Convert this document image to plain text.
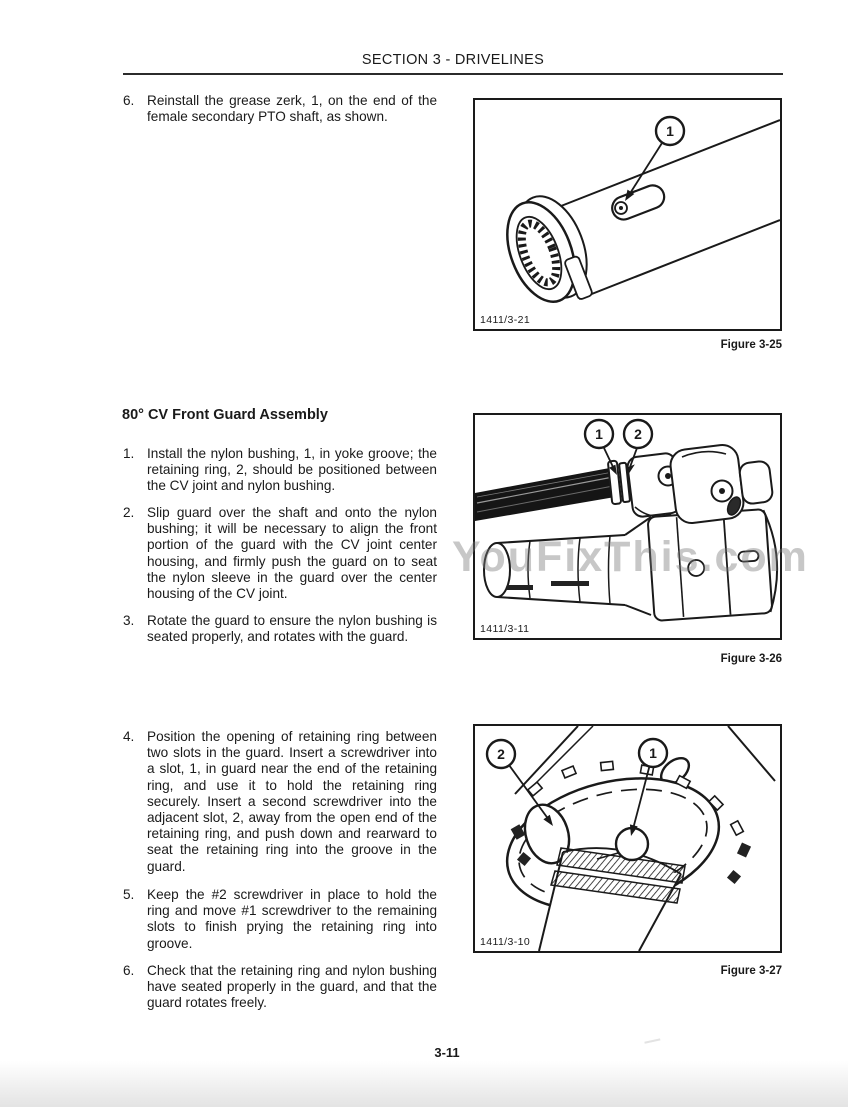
SECTION 3 - DRIVELINES
6. Reinstall the grease zerk, 1, on the end of the female secondary PTO shaft, as shown.
1
1411/3-21
Figure 3-25
80° CV Front Guard Assembly
1. Install the nylon bushing, 1, in yoke groove; the retaining ring, 2, should be positioned between the CV joint and nylon bushing.
2. Slip guard over the shaft and onto the nylon bushing; it will be necessary to align the front portion of the guard with the CV joint center housing, and firmly push the guard on to seat the nylon sleeve in the guard over the center housing of the CV joint.
3. Rotate the guard to ensure the nylon bushing is seated properly, and rotates with the guard.
4. Position the opening of retaining ring between two slots in the guard. Insert a screwdriver into a slot, 1, in guard near the end of the retaining ring, and use it to hold the retaining ring securely. Insert a second screwdriver into the adjacent slot, 2, away from the open end of the retaining ring, and push down and rearward to seat the retaining ring into the groove in the guard.
5. Keep the #2 screwdriver in place to hold the ring and move #1 screwdriver to the remaining slots to finish prying the retaining ring into groove.
6. Check that the retaining ring and nylon bushing have seated properly in the guard, and that the guard rotates freely.
1 2
1411/3-11
Figure 3-26
2	1
1411/3-10
Figure 3-27
YouFixThis.com
3-11
